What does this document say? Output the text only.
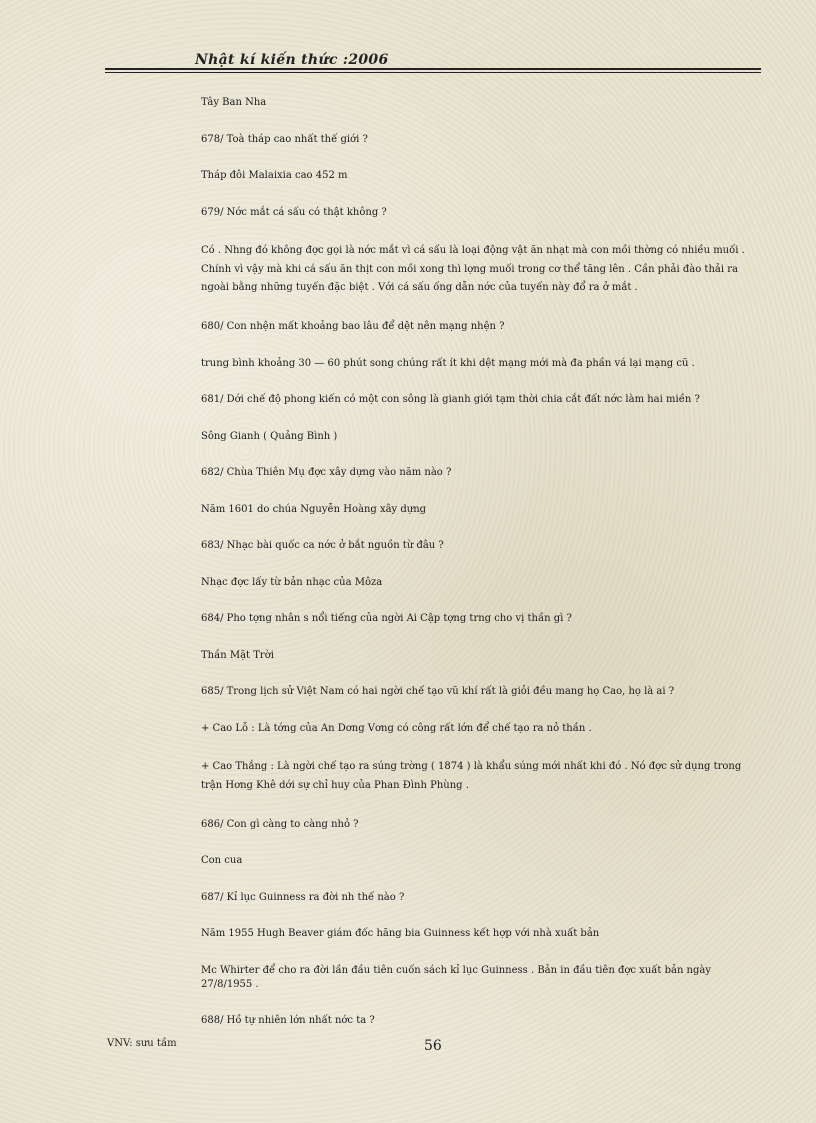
Nhật kí kiến thức :2006

Tây Ban Nha

678/ Toà tháp cao nhất thế giới ?

Tháp đôi Malaixia cao 452 m

679/ Nớc mắt cá sấu có thật không ?

Có . Nhng đó không đợc gọi là nớc mắt vì cá sấu là loại động vật ăn nhạt mà con mồi thờng có nhiều muối . Chính vì vậy mà khi cá sấu ăn thịt con mồi xong thì lợng muối trong cơ thể tăng lên . Cần phải đào thải ra ngoài bằng những tuyến đặc biệt . Với cá sấu ống dẫn nớc của tuyến này đổ ra ở mắt .

680/ Con nhện mất khoảng bao lâu để dệt nên mạng nhện ?

trung bình khoảng 30 — 60 phút song chúng rất ít khi dệt mạng mới mà đa phần vá lại mạng cũ .

681/ Dới chế độ phong kiến có một con sông là gianh giới tạm thời chia cắt đất nớc làm hai miền ?

Sông Gianh ( Quảng Bình )

682/ Chùa Thiên Mụ đợc xây dựng vào năm nào ?

Năm 1601 do chúa Nguyễn Hoàng xây dựng

683/ Nhạc bài quốc ca nớc ở bắt nguồn từ đâu ?

Nhạc đợc lấy từ bản nhạc của Môza

684/ Pho tợng nhân s nổi tiếng của ngời Ai Cập tợng trng cho vị thần gì ?

Thần Mặt Trời

685/ Trong lịch sử Việt Nam có hai ngời chế tạo vũ khí rất là giỏi đều mang họ Cao, họ là ai ?

+ Cao Lỗ : Là tớng của An Dơng Vơng có công rất lớn để chế tạo ra nỏ thần .

+ Cao Thắng : Là ngời chế tạo ra súng trờng ( 1874 ) là khẩu súng mới nhất khi đó . Nó đợc sử dụng trong trận Hơng Khê dới sự chỉ huy của Phan Đình Phùng .

686/ Con gì càng to càng nhỏ ?

Con cua

687/ Kỉ lục Guinness ra đời nh thế nào ?

Năm 1955 Hugh Beaver giám đốc hãng bia Guinness kết hợp với nhà xuất bản

Mc Whirter để cho ra đời lần đầu tiên cuốn sách kỉ lục Guinness . Bản in đầu tiên đợc xuất bản ngày 27/8/1955 .

688/ Hồ tự nhiên lớn nhất nớc ta ?

VNV: sưu tầm	56
